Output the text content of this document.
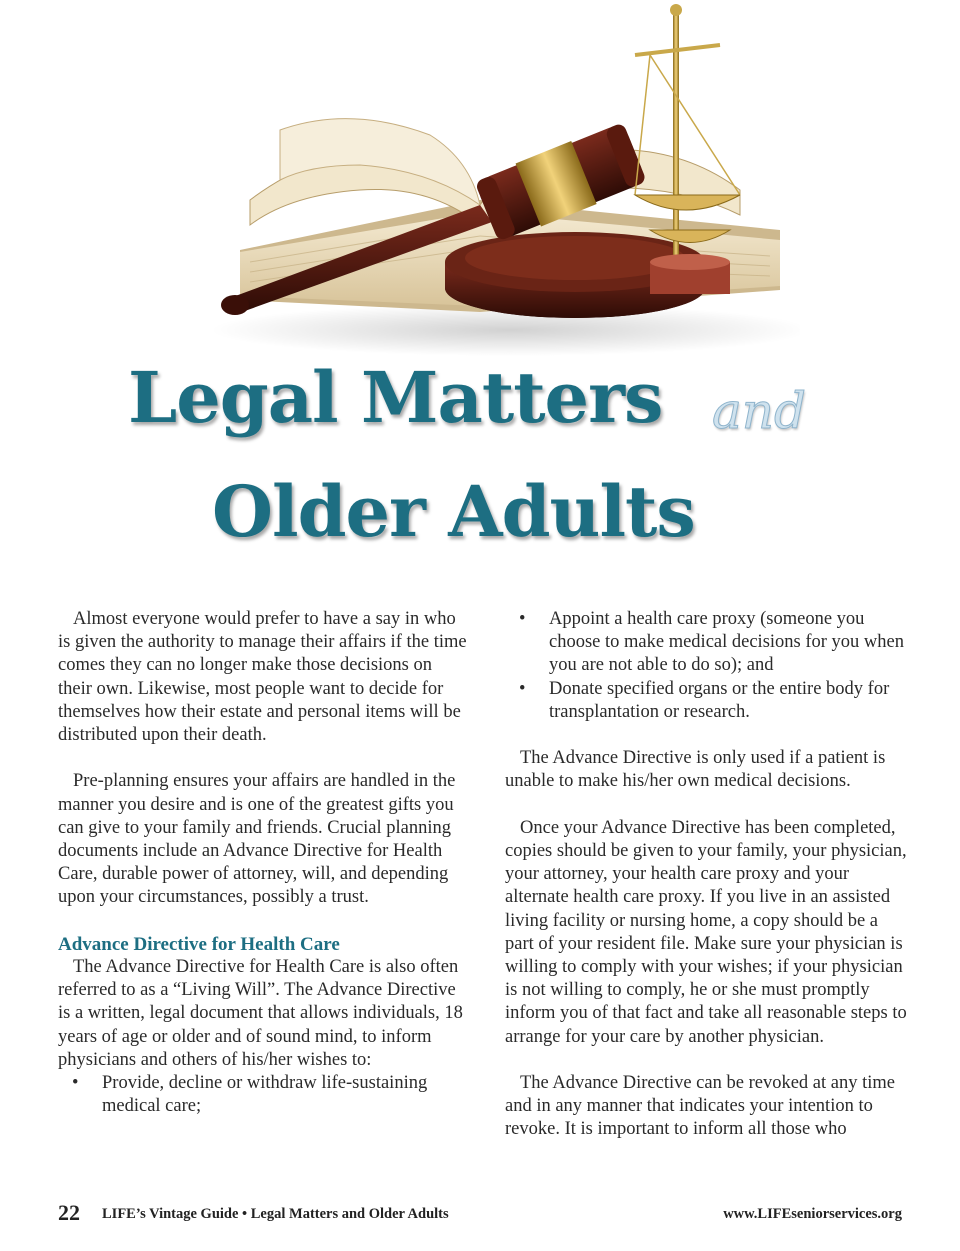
Legal Matters and
Older Adults

Almost everyone would prefer to have a say in who is given the authority to manage their affairs if the time comes they can no longer make those decisions on their own. Likewise, most people want to decide for themselves how their estate and personal items will be distributed upon their death.

Pre-planning ensures your affairs are handled in the manner you desire and is one of the greatest gifts you can give to your family and friends. Crucial planning documents include an Advance Directive for Health Care, durable power of attorney, will, and depending upon your circumstances, possibly a trust.

Advance Directive for Health Care

The Advance Directive for Health Care is also often referred to as a “Living Will”. The Advance Directive is a written, legal document that allows individuals, 18 years of age or older and of sound mind, to inform physicians and others of his/her wishes to:

• Provide, decline or withdraw life-sustaining medical care;
• Appoint a health care proxy (someone you choose to make medical decisions for you when you are not able to do so); and
• Donate specified organs or the entire body for transplantation or research.

The Advance Directive is only used if a patient is unable to make his/her own medical decisions.

Once your Advance Directive has been completed, copies should be given to your family, your physician, your attorney, your health care proxy and your alternate health care proxy. If you live in an assisted living facility or nursing home, a copy should be a part of your resident file. Make sure your physician is willing to comply with your wishes; if your physician is not willing to comply, he or she must promptly inform you of that fact and take all reasonable steps to arrange for your care by another physician.

The Advance Directive can be revoked at any time and in any manner that indicates your intention to revoke. It is important to inform all those who

22 LIFE’s Vintage Guide • Legal Matters and Older Adults	www.LIFEseniorservices.org
